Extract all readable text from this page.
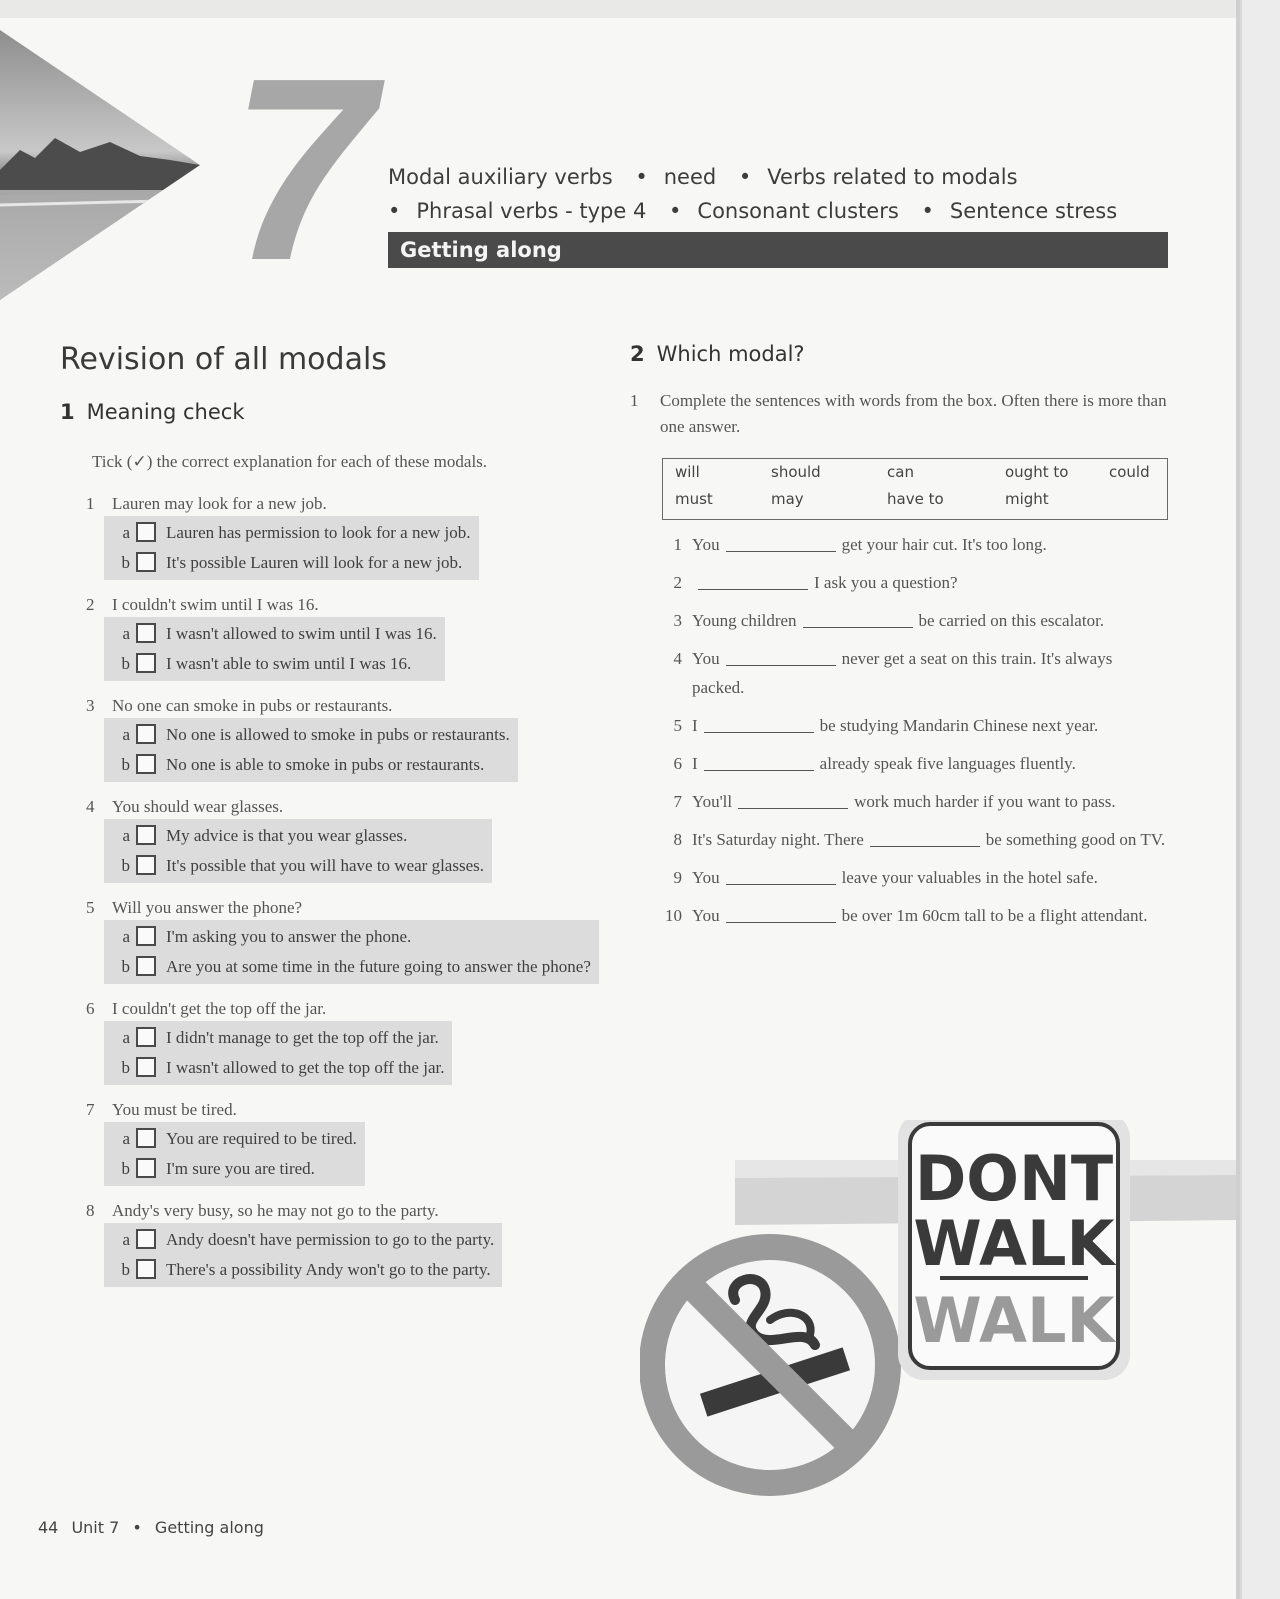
7 Modal auxiliary verbs • need • Verbs related to modals
• Phrasal verbs - type 4 • Consonant clusters • Sentence stress
Getting along
Revision of all modals
1 Meaning check
Tick (✓) the correct explanation for each of these modals.
1 Lauren may look for a new job.
a Lauren has permission to look for a new job.
b It's possible Lauren will look for a new job.
2 I couldn't swim until I was 16.
a I wasn't allowed to swim until I was 16.
b I wasn't able to swim until I was 16.
3 No one can smoke in pubs or restaurants.
a No one is allowed to smoke in pubs or restaurants.
b No one is able to smoke in pubs or restaurants.
4 You should wear glasses.
a My advice is that you wear glasses.
b It's possible that you will have to wear glasses.
5 Will you answer the phone?
a I'm asking you to answer the phone.
b Are you at some time in the future going to answer the phone?
6 I couldn't get the top off the jar.
a I didn't manage to get the top off the jar.
b I wasn't allowed to get the top off the jar.
7 You must be tired.
a You are required to be tired.
b I'm sure you are tired.
8 Andy's very busy, so he may not go to the party.
a Andy doesn't have permission to go to the party.
b There's a possibility Andy won't go to the party.
2 Which modal?
1	Complete the sentences with words from the box. Often there is more than one answer.
will	should	can	ought to	could
must	may	have to	might
1 You	get your hair cut. It's too long.
2	I ask you a question?
3 Young children	be carried on this escalator.
4 You	never get a seat on this train. It's always packed.
5 I	be studying Mandarin Chinese next year.
6 I	already speak five languages fluently.
7 You'll	work much harder if you want to pass.
8 It's Saturday night. There	be something good on TV.
9 You	leave your valuables in the hotel safe.
10 You	be over 1m 60cm tall to be a flight attendant.
DONT
WALK
WALK
44 Unit 7 • Getting along
